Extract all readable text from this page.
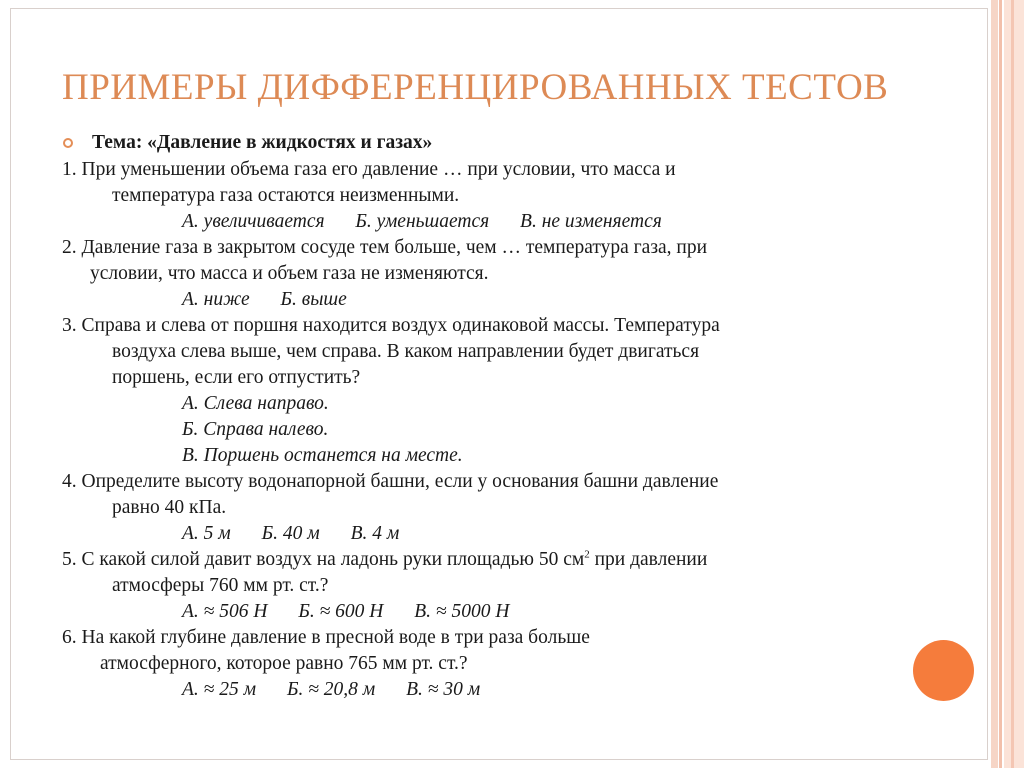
ПРИМЕРЫ ДИФФЕРЕНЦИРОВАННЫХ ТЕСТОВ
Тема: «Давление в жидкостях и газах»
1. При уменьшении объема газа его давление … при условии, что масса и
температура газа остаются неизменными.
А. увеличивается Б. уменьшается В. не изменяется
2. Давление газа в закрытом сосуде тем больше, чем … температура газа, при
условии, что масса и объем газа не изменяются.
А. ниже Б. выше
3. Справа и слева от поршня находится воздух одинаковой массы. Температура
воздуха слева выше, чем справа. В каком направлении будет двигаться
поршень, если его отпустить?
А. Слева направо.
Б. Справа налево.
В. Поршень останется на месте.
4. Определите высоту водонапорной башни, если у основания башни давление
равно 40 кПа.
А. 5 м Б. 40 м В. 4 м
5. С какой силой давит воздух на ладонь руки площадью 50 $см^2$ при давлении
атмосферы 760 мм рт. ст.?
А. ≈ 506 Н Б. ≈ 600 Н В. ≈ 5000 Н
6. На какой глубине давление в пресной воде в три раза больше
атмосферного, которое равно 765 мм рт. ст.?
А. ≈ 25 м Б. ≈ 20,8 м В. ≈ 30 м
